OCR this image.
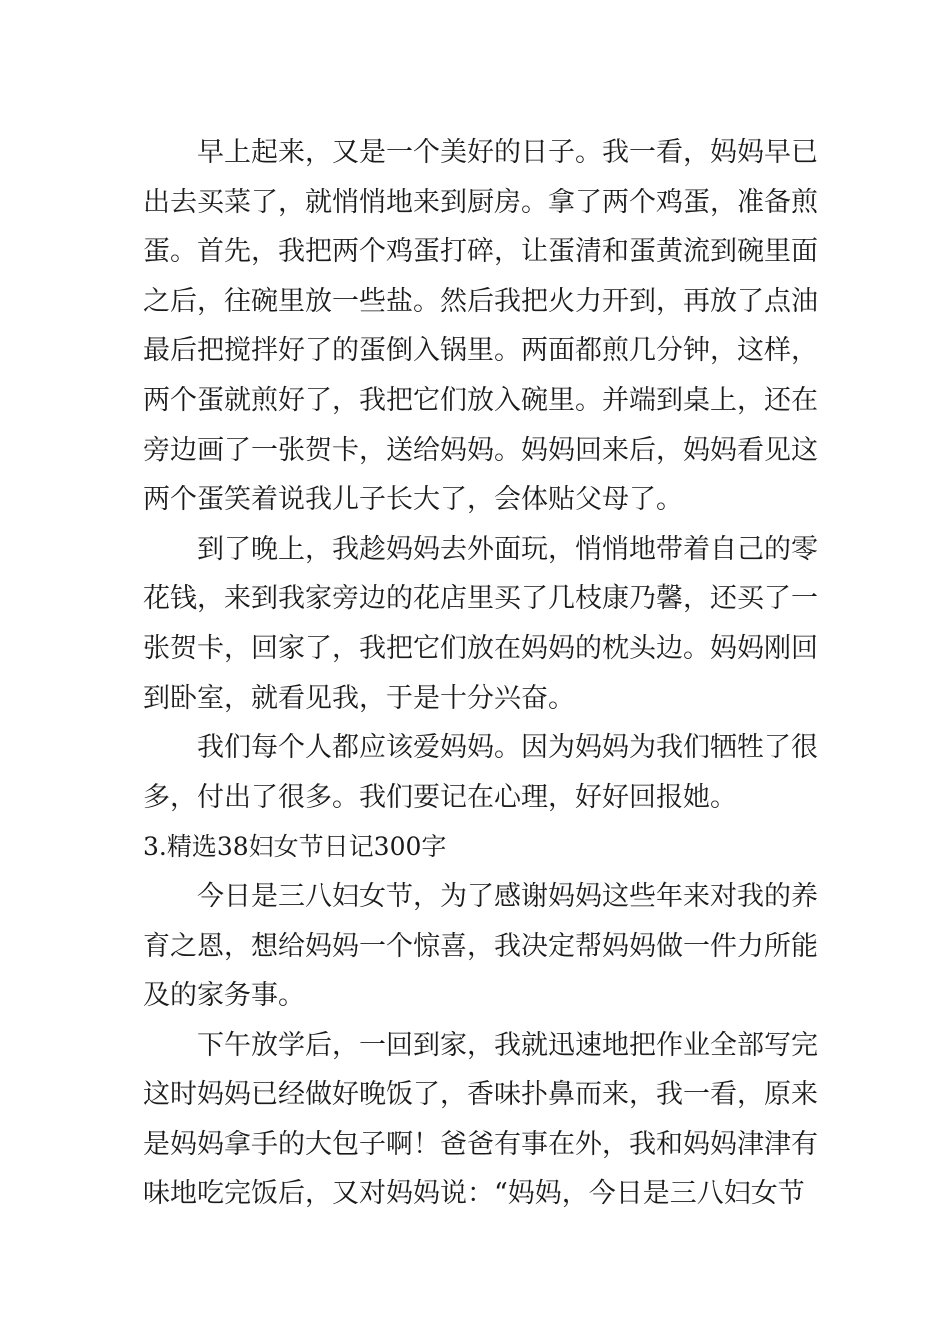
早上起来，又是一个美好的日子。我一看，妈妈早已
出去买菜了，就悄悄地来到厨房。拿了两个鸡蛋，准备煎
蛋。首先，我把两个鸡蛋打碎，让蛋清和蛋黄流到碗里面
之后，往碗里放一些盐。然后我把火力开到，再放了点油
最后把搅拌好了的蛋倒入锅里。两面都煎几分钟，这样，
两个蛋就煎好了，我把它们放入碗里。并端到桌上，还在
旁边画了一张贺卡，送给妈妈。妈妈回来后，妈妈看见这
两个蛋笑着说我儿子长大了，会体贴父母了。
到了晚上，我趁妈妈去外面玩，悄悄地带着自己的零
花钱，来到我家旁边的花店里买了几枝康乃馨，还买了一
张贺卡，回家了，我把它们放在妈妈的枕头边。妈妈刚回
到卧室，就看见我，于是十分兴奋。
我们每个人都应该爱妈妈。因为妈妈为我们牺牲了很
多，付出了很多。我们要记在心理，好好回报她。
3.精选38妇女节日记300字
今日是三八妇女节，为了感谢妈妈这些年来对我的养
育之恩，想给妈妈一个惊喜，我决定帮妈妈做一件力所能
及的家务事。
下午放学后，一回到家，我就迅速地把作业全部写完
这时妈妈已经做好晚饭了，香味扑鼻而来，我一看，原来
是妈妈拿手的大包子啊！爸爸有事在外，我和妈妈津津有
味地吃完饭后，又对妈妈说：“妈妈，今日是三八妇女节
